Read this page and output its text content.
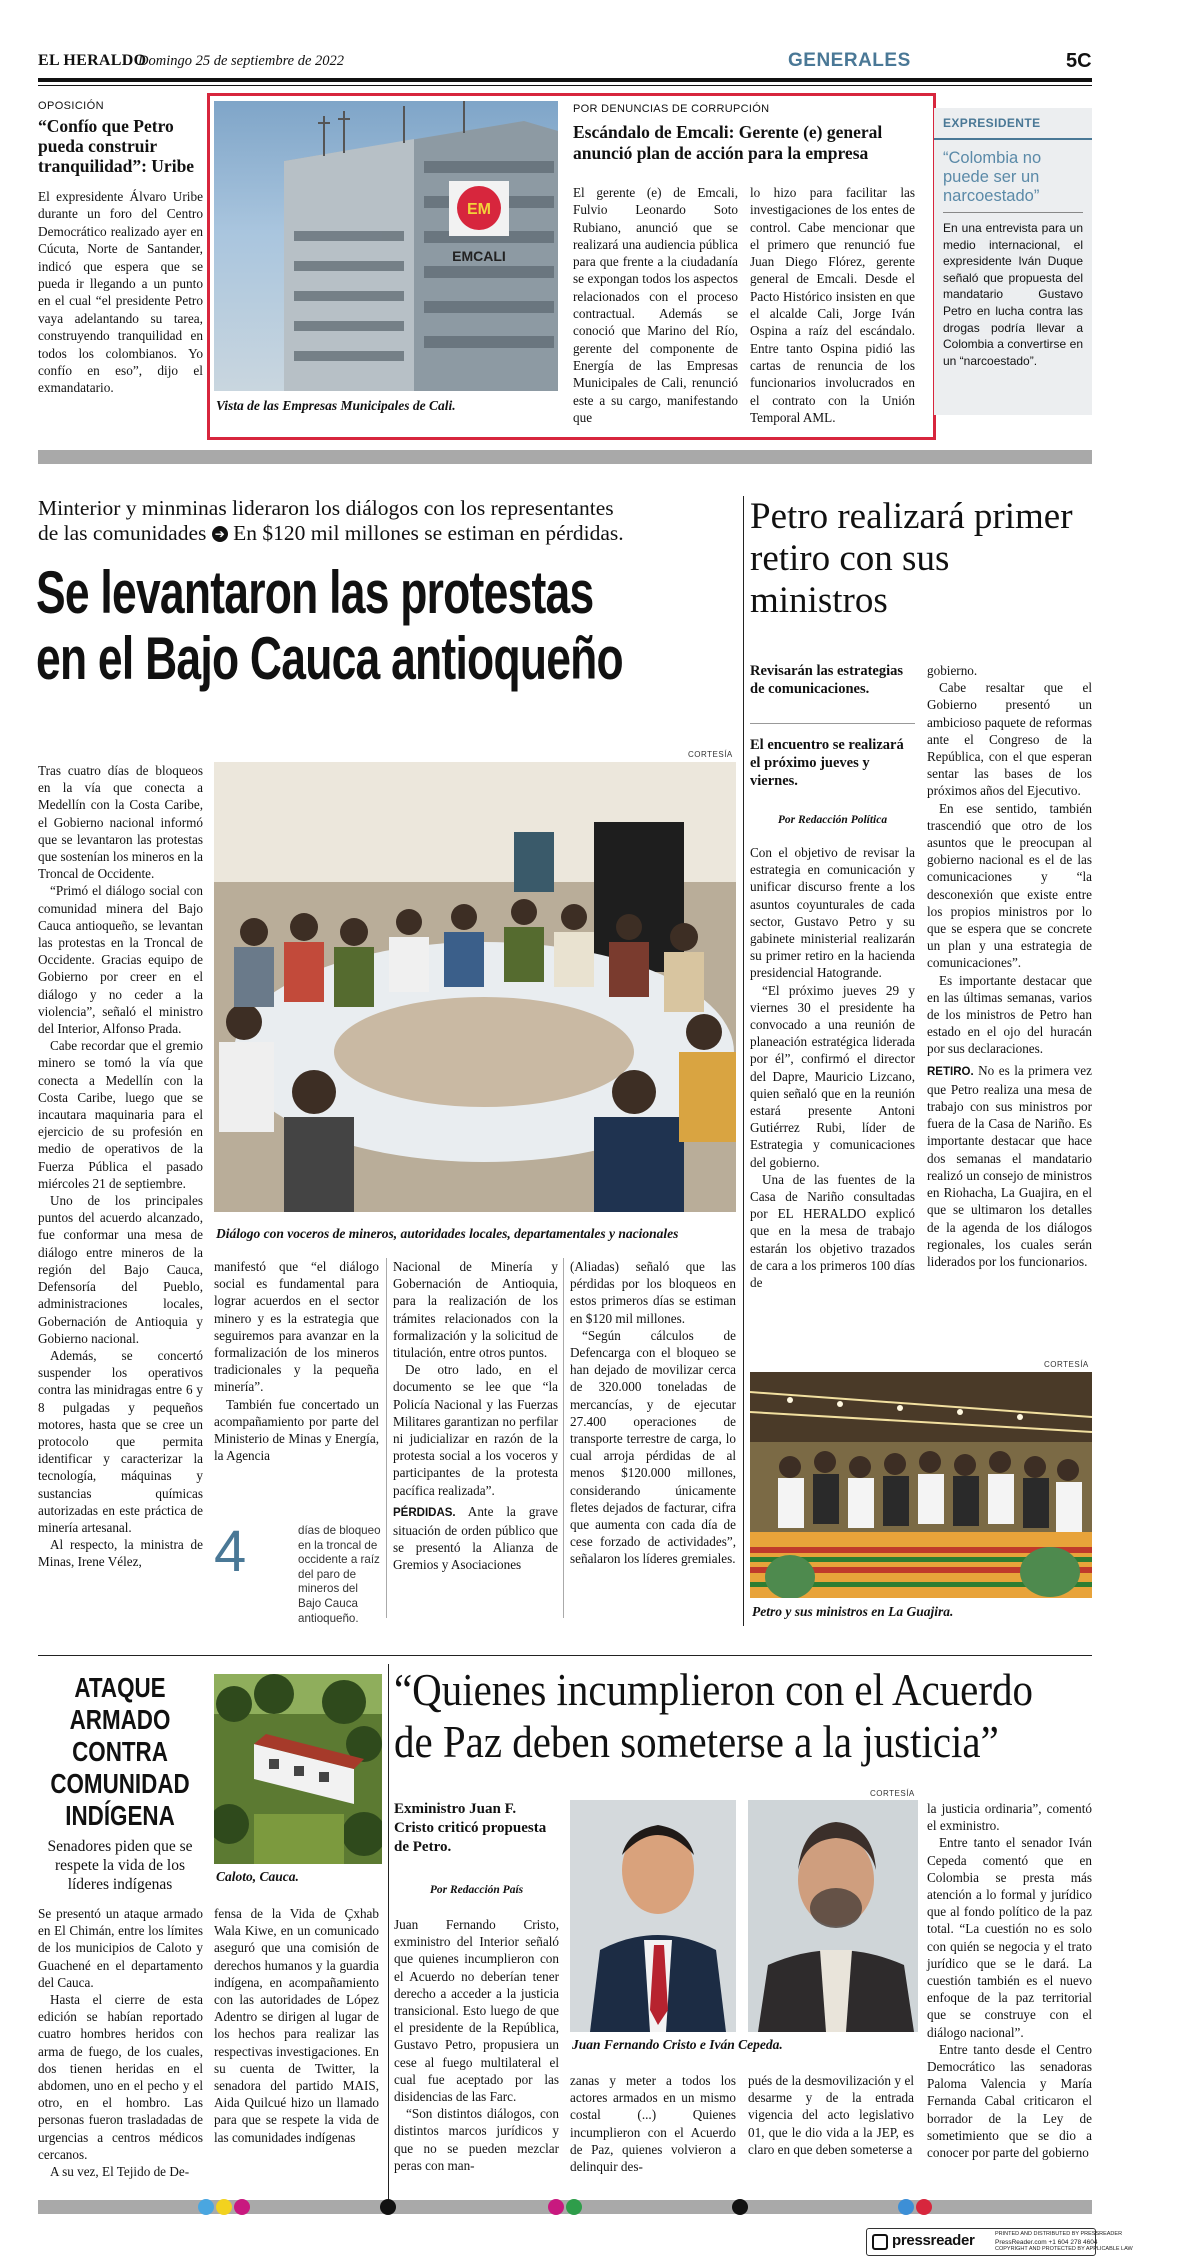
EL HERALDO
Domingo 25 de septiembre de 2022	GENERALES	5C
OPOSICIÓN
“Confío que Petro pueda construir tranquilidad”: Uribe
El expresidente Álvaro Uribe durante un foro del Centro Democrático realizado ayer en Cúcuta, Norte de Santander, indicó que espera que se pueda ir llegando a un punto en el cual “el presidente Petro vaya adelantando su tarea, construyendo tranquilidad en todos los colombianos. Yo confío en eso”, dijo el exmandatario.
EM
EMCALI
Vista de las Empresas Municipales de Cali.
POR DENUNCIAS DE CORRUPCIÓN
Escándalo de Emcali: Gerente (e) general anunció plan de acción para la empresa
El gerente (e) de Emcali, Fulvio Leonardo Soto Rubiano, anunció que se realizará una audiencia pública para que frente a la ciudadanía se expongan todos los aspectos relacionados con el proceso contractual. Además se conoció que Marino del Río, gerente del componente de Energía de las Empresas Municipales de Cali, renunció este a su cargo, manifestando que
lo hizo para facilitar las investigaciones de los entes de control. Cabe mencionar que el primero que renunció fue Juan Diego Flórez, gerente general de Emcali. Desde el Pacto Histórico insisten en que el alcalde Cali, Jorge Iván Ospina a raíz del escándalo. Entre tanto Ospina pidió las cartas de renuncia de los funcionarios involucrados en el contrato con la Unión Temporal AML.
EXPRESIDENTE
“Colombia no puede ser un narcoestado”
En una entrevista para un medio internacional, el expresidente Iván Duque señaló que propuesta del mandatario Gustavo Petro en lucha contra las drogas podría llevar a Colombia a convertirse en un “narcoestado”.
Minterior y minminas lideraron los diálogos con los representantes
de las comunidades ➔ En $120 mil millones se estiman en pérdidas.
Se levantaron las protestas
en el Bajo Cauca antioqueño
CORTESÍA
Diálogo con voceros de mineros, autoridades locales, departamentales y nacionales

Tras cuatro días de bloqueos en la vía que conecta a Medellín con la Costa Caribe, el Gobierno nacional informó que se levantaron las protestas que sostenían los mineros en la Troncal de Occidente.

“Primó el diálogo social con comunidad minera del Bajo Cauca antioqueño, se levantan las protestas en la Troncal de Occidente. Gracias equipo de Gobierno por creer en el diálogo y no ceder a la violencia”, señaló el ministro del Interior, Alfonso Prada.

Cabe recordar que el gremio minero se tomó la vía que conecta a Medellín con la Costa Caribe, luego que se incautara maquinaria para el ejercicio de su profesión en medio de operativos de la Fuerza Pública el pasado miércoles 21 de septiembre.

Uno de los principales puntos del acuerdo alcanzado, fue conformar una mesa de diálogo entre mineros de la región del Bajo Cauca, Defensoría del Pueblo, administraciones locales, Gobernación de Antioquia y Gobierno nacional.

Además, se concertó suspender los operativos contra las minidragas entre 6 y 8 pulgadas y pequeños motores, hasta que se cree un protocolo que permita identificar y caracterizar la tecnología, máquinas y sustancias químicas autorizadas en este práctica de minería artesanal.

Al respecto, la ministra de Minas, Irene Vélez,

manifestó que “el diálogo social es fundamental para lograr acuerdos en el sector minero y es la estrategia que seguiremos para avanzar en la formalización de los mineros tradicionales y la pequeña minería”.

También fue concertado un acompañamiento por parte del Ministerio de Minas y Energía, la Agencia

4	días de bloqueo en la troncal de occidente a raíz del paro de mineros del Bajo Cauca antioqueño.

Nacional de Minería y Gobernación de Antioquia, para la realización de los trámites relacionados con la formalización y la solicitud de titulación, entre otros puntos.

De otro lado, en el documento se lee que “la Policía Nacional y las Fuerzas Militares garantizan no perfilar ni judicializar en razón de la protesta social a los voceros y participantes de la protesta pacífica realizada”.

PÉRDIDAS. Ante la grave situación de orden público que se presentó la Alianza de Gremios y Asociaciones

(Aliadas) señaló que las pérdidas por los bloqueos en estos primeros días se estiman en $120 mil millones.

“Según cálculos de Defencarga con el bloqueo se han dejado de movilizar cerca de 320.000 toneladas de mercancías, y de ejecutar 27.400 operaciones de transporte terrestre de carga, lo cual arroja pérdidas de al menos $120.000 millones, considerando únicamente fletes dejados de facturar, cifra que aumenta con cada día de cese forzado de actividades”, señalaron los líderes gremiales.

Petro realizará primer retiro con sus ministros
Revisarán las estrategias de comunicaciones.
El encuentro se realizará el próximo jueves y viernes.
Por Redacción Política

Con el objetivo de revisar la estrategia en comunicación y unificar discurso frente a los asuntos coyunturales de cada sector, Gustavo Petro y su gabinete ministerial realizarán su primer retiro en la hacienda presidencial Hatogrande.

“El próximo jueves 29 y viernes 30 el presidente ha convocado a una reunión de planeación estratégica liderada por él”, confirmó el director del Dapre, Mauricio Lizcano, quien señaló que en la reunión estará presente Antoni Gutiérrez Rubi, líder de Estrategia y comunicaciones del gobierno.

Una de las fuentes de la Casa de Nariño consultadas por EL HERALDO explicó que en la mesa de trabajo estarán los objetivo trazados de cara a los primeros 100 días de

gobierno.

Cabe resaltar que el Gobierno presentó un ambicioso paquete de reformas ante el Congreso de la República, con el que esperan sentar las bases de los próximos años del Ejecutivo.

En ese sentido, también trascendió que otro de los asuntos que le preocupan al gobierno nacional es el de las comunicaciones y “la desconexión que existe entre los propios ministros por lo que se espera que se concrete un plan y una estrategia de comunicaciones”.

Es importante destacar que en las últimas semanas, varios de los ministros de Petro han estado en el ojo del huracán por sus declaraciones.

RETIRO. No es la primera vez que Petro realiza una mesa de trabajo con sus ministros por fuera de la Casa de Nariño. Es importante destacar que hace dos semanas el mandatario realizó un consejo de ministros en Riohacha, La Guajira, en el que se ultimaron los detalles de la agenda de los diálogos regionales, los cuales serán liderados por los funcionarios.

CORTESÍA
Petro y sus ministros en La Guajira.
ATAQUE ARMADO CONTRA COMUNIDAD INDÍGENA
Senadores piden que se respete la vida de los líderes indígenas	Caloto, Cauca.

Se presentó un ataque armado en El Chimán, entre los límites de los municipios de Caloto y Guachené en el departamento del Cauca.

Hasta el cierre de esta edición se habían reportado cuatro hombres heridos con arma de fuego, de los cuales, dos tienen heridas en el abdomen, uno en el pecho y el otro, en el hombro. Las personas fueron trasladadas de urgencias a centros médicos cercanos.

A su vez, El Tejido de De-

fensa de la Vida de Çxhab Wala Kiwe, en un comunicado aseguró que una comisión de derechos humanos y la guardia indígena, en acompañamiento con las autoridades de López Adentro se dirigen al lugar de los hechos para realizar las respectivas investigaciones. En su cuenta de Twitter, la senadora del partido MAIS, Aida Quilcué hizo un llamado para que se respete la vida de las comunidades indígenas

“Quienes incumplieron con el Acuerdo
de Paz deben someterse a la justicia”
Exministro Juan F. Cristo criticó propuesta de Petro.
Por Redacción País
CORTESÍA
Juan Fernando Cristo e Iván Cepeda.

Juan Fernando Cristo, exministro del Interior señaló que quienes incumplieron con el Acuerdo no deberían tener derecho a acceder a la justicia transicional. Esto luego de que el presidente de la República, Gustavo Petro, propusiera un cese al fuego multilateral el cual fue aceptado por las disidencias de las Farc.

“Son distintos diálogos, con distintos marcos jurídicos y que no se pueden mezclar peras con man-

zanas y meter a todos los actores armados en un mismo costal (...) Quienes incumplieron con el Acuerdo de Paz, quienes volvieron a delinquir des-

pués de la desmovilización y el desarme y de la entrada vigencia del acto legislativo 01, que le dio vida a la JEP, es claro en que deben someterse a

la justicia ordinaria”, comentó el exministro.

Entre tanto el senador Iván Cepeda comentó que en Colombia se presta más atención a lo formal y jurídico que al fondo político de la paz total. “La cuestión no es solo con quién se negocia y el trato jurídico que se le dará. La cuestión también es el nuevo enfoque de la paz territorial que se construye con el diálogo nacional”.

Entre tanto desde el Centro Democrático las senadoras Paloma Valencia y María Fernanda Cabal criticaron el borrador de la Ley de sometimiento que se dio a conocer por parte del gobierno

pressreader	PRINTED AND DISTRIBUTED BY PRESSREADER
PressReader.com +1 604 278 4604
COPYRIGHT AND PROTECTED BY APPLICABLE LAW
